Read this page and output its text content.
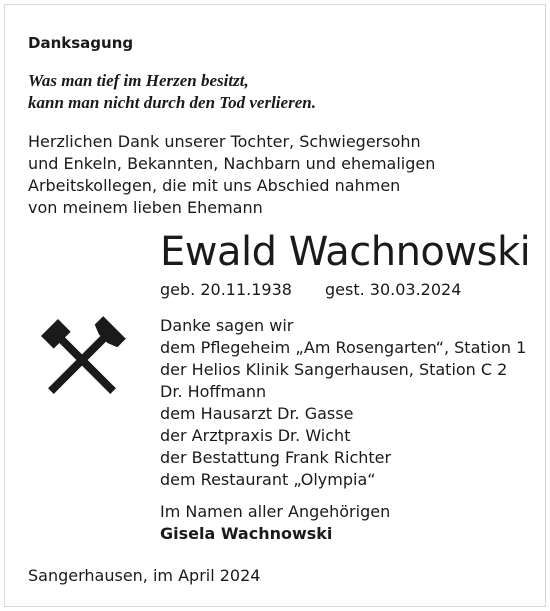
Danksagung
Was man tief im Herzen besitzt,
kann man nicht durch den Tod verlieren.
Herzlichen Dank unserer Tochter, Schwiegersohn
und Enkeln, Bekannten, Nachbarn und ehemaligen
Arbeitskollegen, die mit uns Abschied nahmen
von meinem lieben Ehemann
Ewald Wachnowski
geb. 20.11.1938 gest. 30.03.2024
Danke sagen wir
dem Pflegeheim „Am Rosengarten“, Station 1
der Helios Klinik Sangerhausen, Station C 2
Dr. Hoffmann
dem Hausarzt Dr. Gasse
der Arztpraxis Dr. Wicht
der Bestattung Frank Richter
dem Restaurant „Olympia“
Im Namen aller Angehörigen
Gisela Wachnowski
Sangerhausen, im April 2024
